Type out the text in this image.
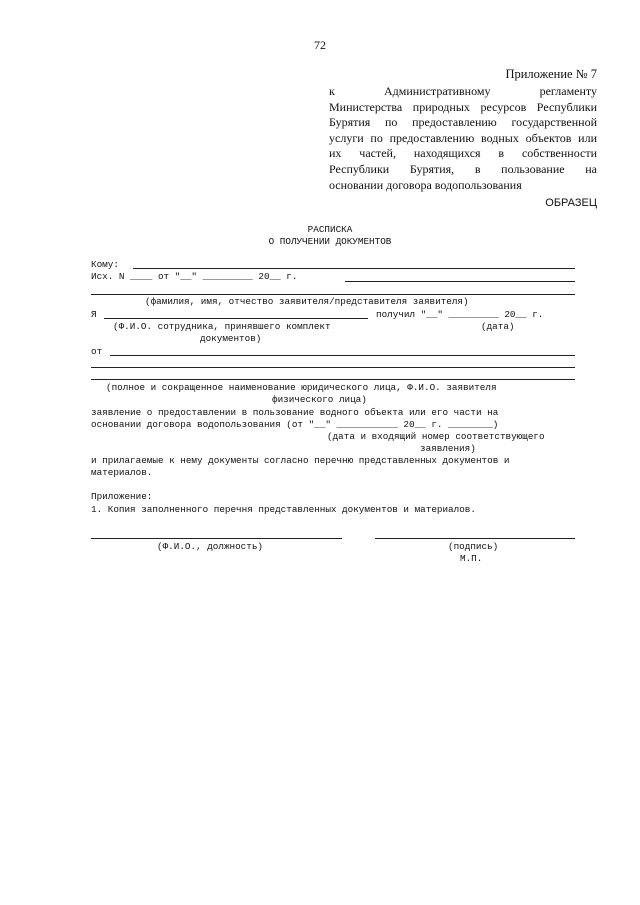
72
Приложение № 7
к Административному регламенту
Министерства природных ресурсов Республики
Бурятия по предоставлению государственной
услуги по предоставлению водных объектов или
их частей, находящихся в собственности
Республики Бурятия, в пользование на
основании договора водопользования
ОБРАЗЕЦ
РАСПИСКА
О ПОЛУЧЕНИИ ДОКУМЕНТОВ
Кому:
Исх. N ____ от "__" _________ 20__ г.
(фамилия, имя, отчество заявителя/представителя заявителя)
Я	получил "__" _________ 20__ г.
(Ф.И.О. сотрудника, принявшего комплект	(дата)
документов)
от
(полное и сокращенное наименование юридического лица, Ф.И.О. заявителя
физического лица)
заявление о предоставлении в пользование водного объекта или его части на
основании договора водопользования (от "__" ___________ 20__ г. ________)
(дата и входящий номер соответствующего
заявления)
и прилагаемые к нему документы согласно перечню представленных документов и
материалов.
Приложение:
1. Копия заполненного перечня представленных документов и материалов.
(Ф.И.О., должность)	(подпись)
М.П.
